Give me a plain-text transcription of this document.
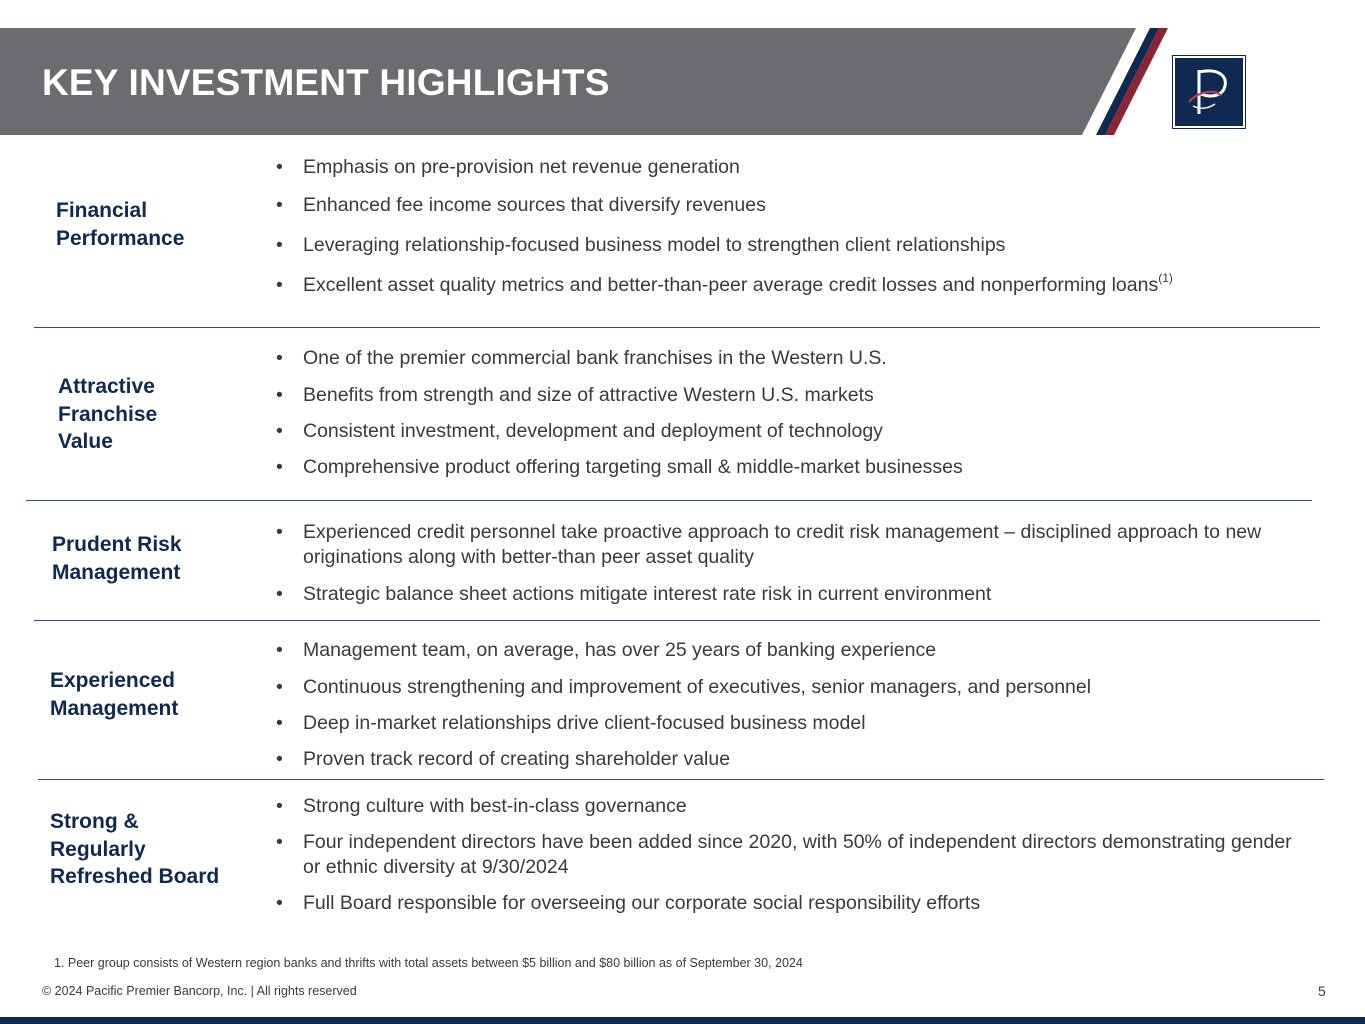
KEY INVESTMENT HIGHLIGHTS
Financial
Performance
•	Emphasis on pre-provision net revenue generation
•	Enhanced fee income sources that diversify revenues
•	Leveraging relationship-focused business model to strengthen client relationships
•	Excellent asset quality metrics and better-than-peer average credit losses and nonperforming loans$^{(1)}$
Attractive
Franchise
Value
•	One of the premier commercial bank franchises in the Western U.S.
•	Benefits from strength and size of attractive Western U.S. markets
•	Consistent investment, development and deployment of technology
•	Comprehensive product offering targeting small & middle-market businesses
Prudent Risk
Management
•	Experienced credit personnel take proactive approach to credit risk management – disciplined approach to new originations along with better-than peer asset quality
•	Strategic balance sheet actions mitigate interest rate risk in current environment
Experienced
Management
•	Management team, on average, has over 25 years of banking experience
•	Continuous strengthening and improvement of executives, senior managers, and personnel
•	Deep in-market relationships drive client-focused business model
•	Proven track record of creating shareholder value
Strong &
Regularly
Refreshed Board
•	Strong culture with best-in-class governance
•	Four independent directors have been added since 2020, with 50% of independent directors demonstrating gender or ethnic diversity at 9/30/2024
•	Full Board responsible for overseeing our corporate social responsibility efforts
1. Peer group consists of Western region banks and thrifts with total assets between $5 billion and $80 billion as of September 30, 2024
© 2024 Pacific Premier Bancorp, Inc. | All rights reserved	5
